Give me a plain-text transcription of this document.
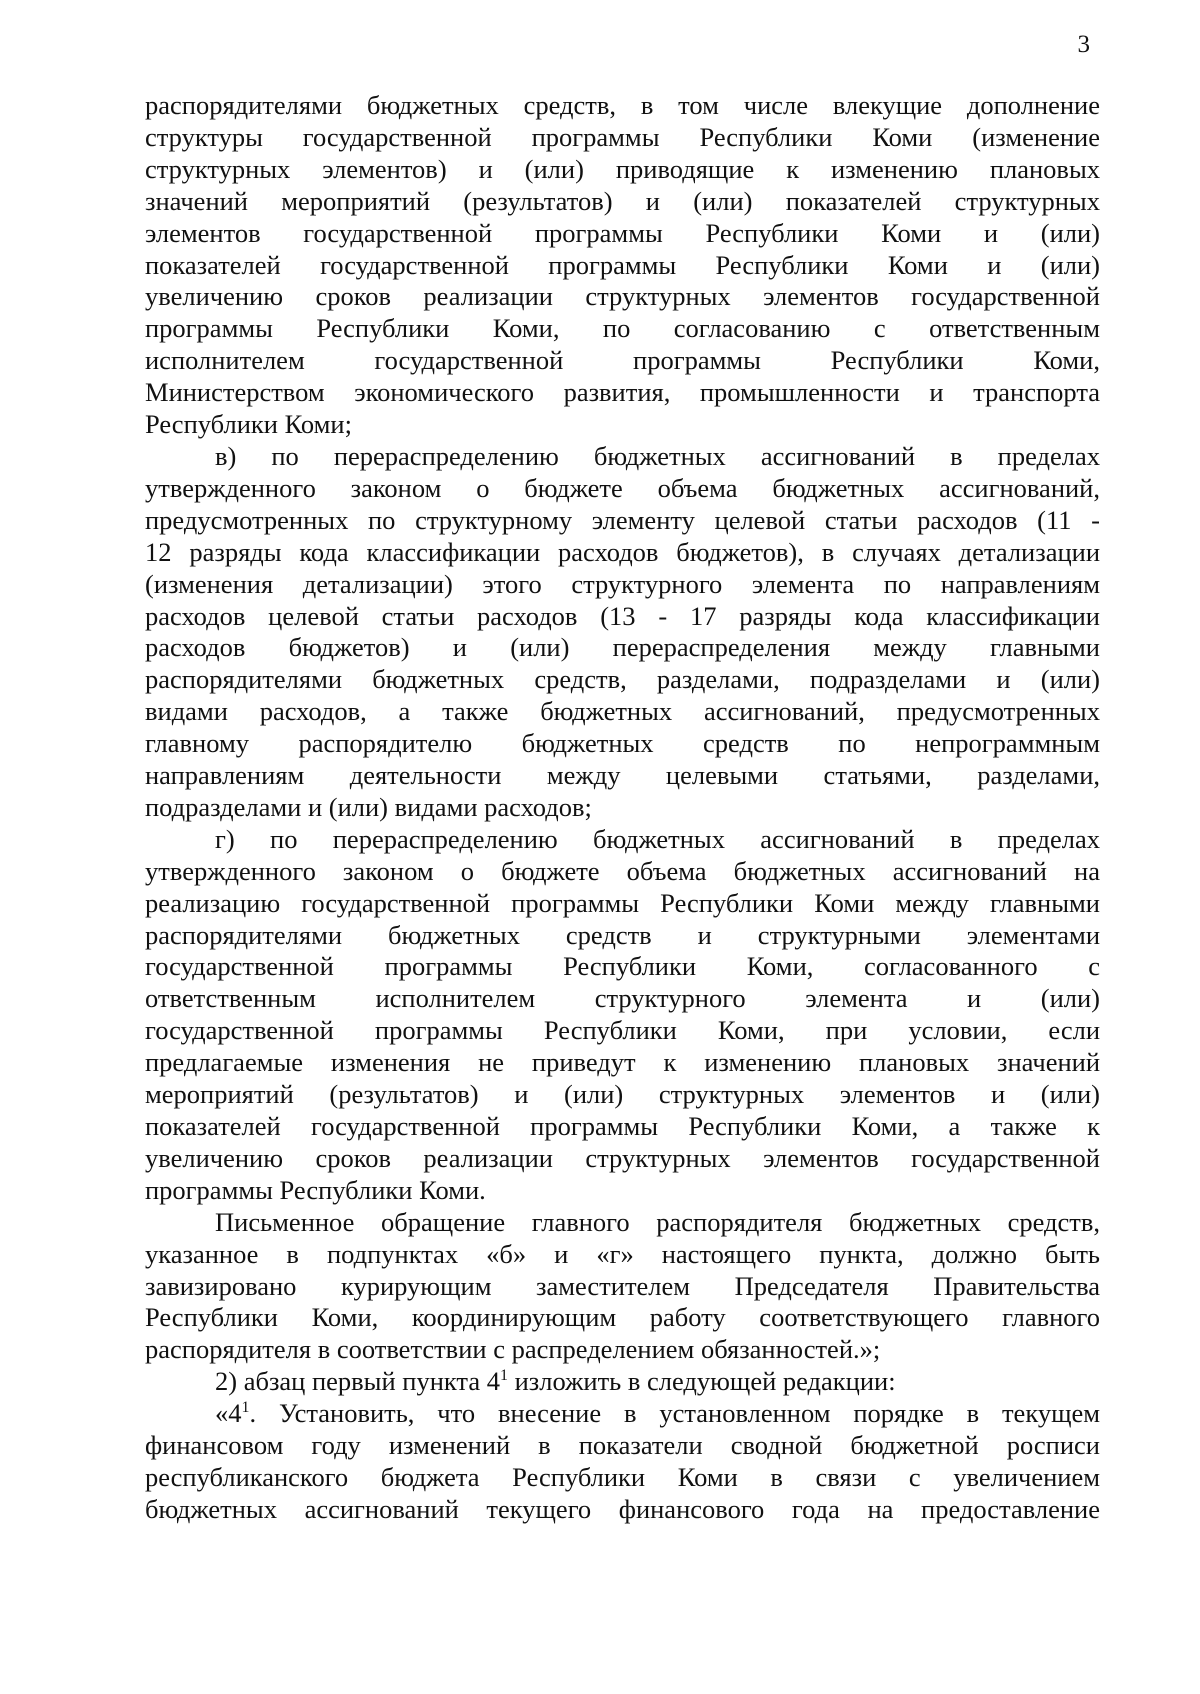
3

распорядителями бюджетных средств, в том числе влекущие дополнение
структуры государственной программы Республики Коми (изменение
структурных элементов) и (или) приводящие к изменению плановых
значений мероприятий (результатов) и (или) показателей структурных
элементов государственной программы Республики Коми и (или)
показателей государственной программы Республики Коми и (или)
увеличению сроков реализации структурных элементов государственной
программы Республики Коми, по согласованию с ответственным
исполнителем государственной программы Республики Коми,
Министерством экономического развития, промышленности и транспорта
Республики Коми;

в) по перераспределению бюджетных ассигнований в пределах
утвержденного законом о бюджете объема бюджетных ассигнований,
предусмотренных по структурному элементу целевой статьи расходов (11 -
12 разряды кода классификации расходов бюджетов), в случаях детализации
(изменения детализации) этого структурного элемента по направлениям
расходов целевой статьи расходов (13 - 17 разряды кода классификации
расходов бюджетов) и (или) перераспределения между главными
распорядителями бюджетных средств, разделами, подразделами и (или)
видами расходов, а также бюджетных ассигнований, предусмотренных
главному распорядителю бюджетных средств по непрограммным
направлениям деятельности между целевыми статьями, разделами,
подразделами и (или) видами расходов;

г) по перераспределению бюджетных ассигнований в пределах
утвержденного законом о бюджете объема бюджетных ассигнований на
реализацию государственной программы Республики Коми между главными
распорядителями бюджетных средств и структурными элементами
государственной программы Республики Коми, согласованного с
ответственным исполнителем структурного элемента и (или)
государственной программы Республики Коми, при условии, если
предлагаемые изменения не приведут к изменению плановых значений
мероприятий (результатов) и (или) структурных элементов и (или)
показателей государственной программы Республики Коми, а также к
увеличению сроков реализации структурных элементов государственной
программы Республики Коми.

Письменное обращение главного распорядителя бюджетных средств,
указанное в подпунктах «б» и «г» настоящего пункта, должно быть
завизировано курирующим заместителем Председателя Правительства
Республики Коми, координирующим работу соответствующего главного
распорядителя в соответствии с распределением обязанностей.»;

2) абзац первый пункта $4^1$ изложить в следующей редакции:

«$4^1$. Установить, что внесение в установленном порядке в текущем
финансовом году изменений в показатели сводной бюджетной росписи
республиканского бюджета Республики Коми в связи с увеличением
бюджетных ассигнований текущего финансового года на предоставление
